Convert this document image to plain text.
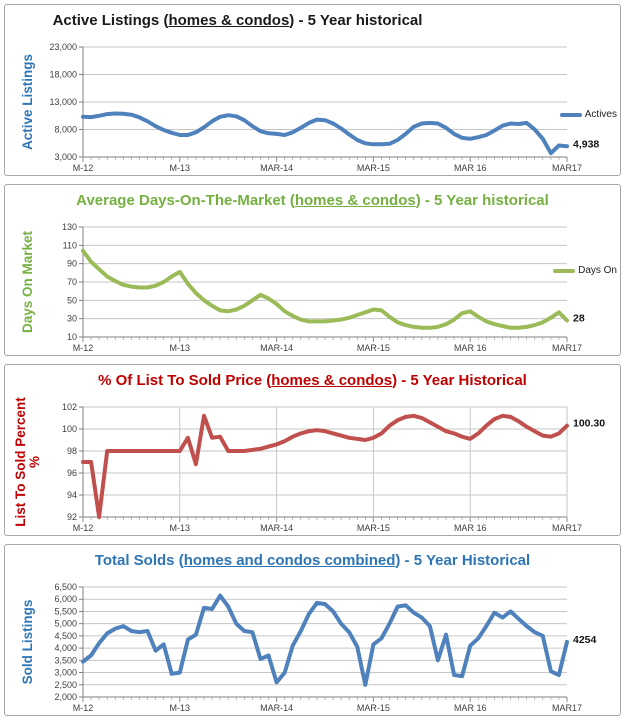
Active Listings (homes & condos) - 5 Year historical
Active Listings
3,000
8,000
13,000
18,000
23,000
M-12	M-13	MAR-14	MAR-15	MAR 16	MAR17
4,938
Actives
Average Days-On-The-Market (homes & condos) - 5 Year historical
Days On Market
10
30
50
70
90
110
130
M-12	M-13	MAR-14	MAR-15	MAR 16	MAR17
28
Days On
% Of List To Sold Price (homes & condos) - 5 Year Historical
List To Sold Percent %
92
94
96
98
100
102
M-12	M-13	MAR-14	MAR-15	MAR 16	MAR17
100.30
Total Solds (homes and condos combined) - 5 Year Historical
Sold Listings
2,000
2,500
3,000
3,500
4,000
4,500
5,000
5,500
6,000
6,500
M-12	M-13	MAR-14	MAR-15	MAR 16	MAR17
4254
